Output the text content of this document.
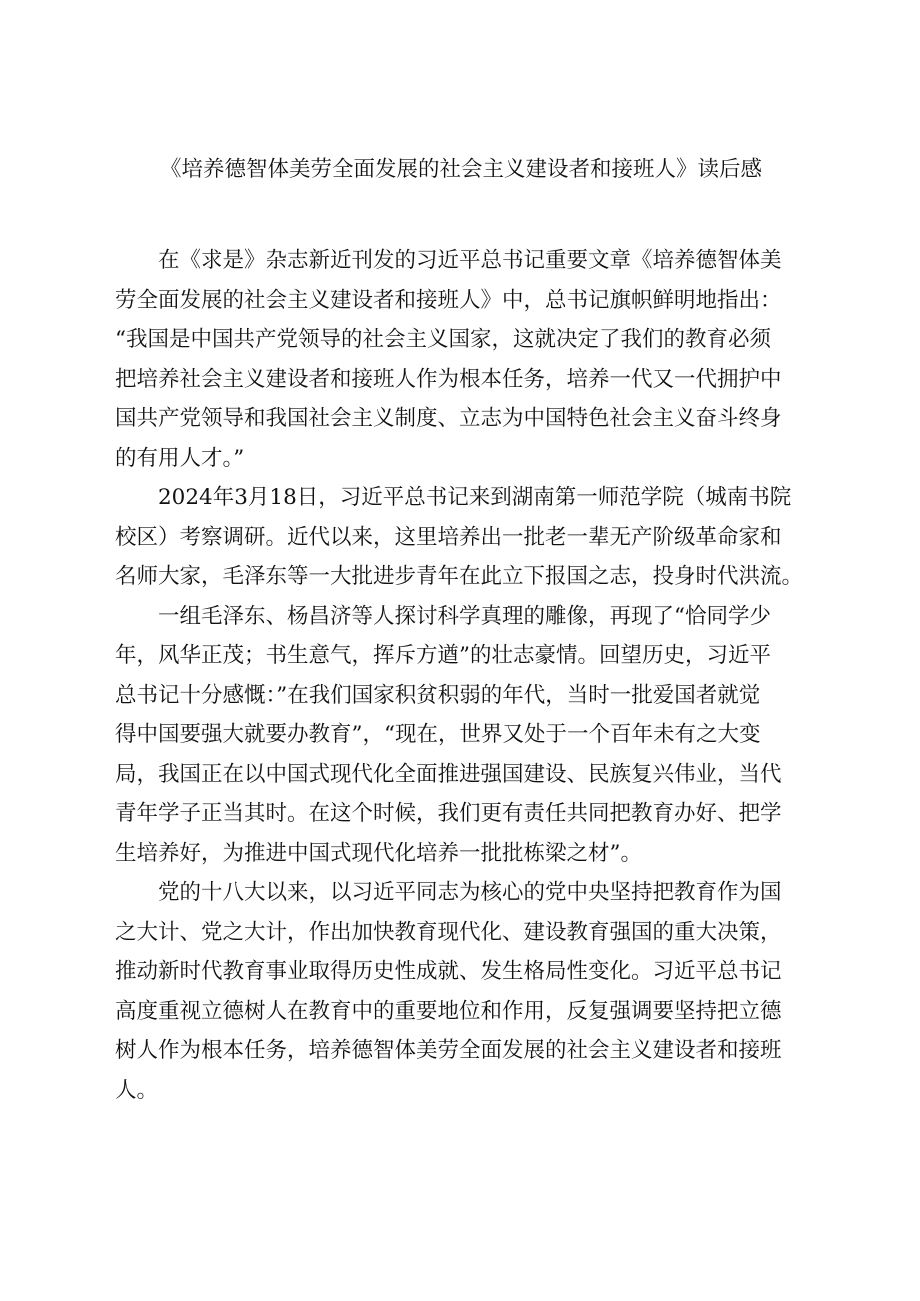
《培养德智体美劳全面发展的社会主义建设者和接班人》读后感
　　在《求是》杂志新近刊发的习近平总书记重要文章《培养德智体美
劳全面发展的社会主义建设者和接班人》中，总书记旗帜鲜明地指出：
“我国是中国共产党领导的社会主义国家，这就决定了我们的教育必须
把培养社会主义建设者和接班人作为根本任务，培养一代又一代拥护中
国共产党领导和我国社会主义制度、立志为中国特色社会主义奋斗终身
的有用人才。”
　　2024年3月18日，习近平总书记来到湖南第一师范学院（城南书院
校区）考察调研。近代以来，这里培养出一批老一辈无产阶级革命家和
名师大家，毛泽东等一大批进步青年在此立下报国之志，投身时代洪流。
　　一组毛泽东、杨昌济等人探讨科学真理的雕像，再现了“恰同学少
年，风华正茂；书生意气，挥斥方遒”的壮志豪情。回望历史，习近平
总书记十分感慨：”在我们国家积贫积弱的年代，当时一批爱国者就觉
得中国要强大就要办教育”，“现在，世界又处于一个百年未有之大变
局，我国正在以中国式现代化全面推进强国建设、民族复兴伟业，当代
青年学子正当其时。在这个时候，我们更有责任共同把教育办好、把学
生培养好，为推进中国式现代化培养一批批栋梁之材”。
　　党的十八大以来，以习近平同志为核心的党中央坚持把教育作为国
之大计、党之大计，作出加快教育现代化、建设教育强国的重大决策，
推动新时代教育事业取得历史性成就、发生格局性变化。习近平总书记
高度重视立德树人在教育中的重要地位和作用，反复强调要坚持把立德
树人作为根本任务，培养德智体美劳全面发展的社会主义建设者和接班
人。
